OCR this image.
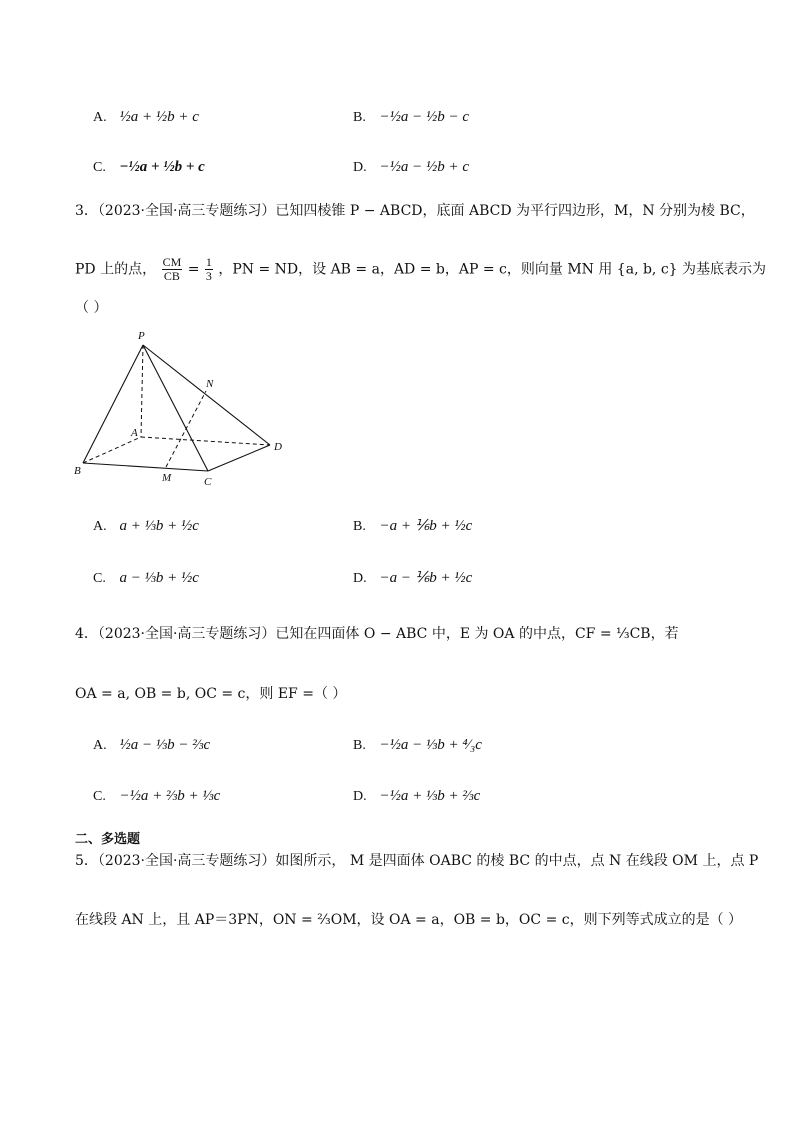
A. ½a + ½b + c	B. −½a − ½b − c
C. −½a + ½b + c	D. −½a − ½b + c
3．（2023·全国·高三专题练习）已知四棱锥 P − ABCD，底面 ABCD 为平行四边形，M，N 分别为棱 BC，
PD 上的点， $\frac{CM}{CB} = \frac{1}{3}$ ，PN = ND，设 AB = a，AD = b，AP = c，则向量 MN 用 {a, b, c} 为基底表示为
（ ）
P
N
A
D
B
M	C
A. a + ⅓b + ½c	B. −a + ⅙b + ½c
C. a − ⅓b + ½c	D. −a − ⅙b + ½c
4．（2023·全国·高三专题练习）已知在四面体 O − ABC 中，E 为 OA 的中点，CF = ⅓CB，若
OA = a, OB = b, OC = c，则 EF =（ ）
A. ½a − ⅓b − ⅔c	B. −½a − ⅓b + ⁴⁄₃c
C. −½a + ⅔b + ⅓c	D. −½a + ⅓b + ⅔c
二、多选题
5．（2023·全国·高三专题练习）如图所示， M 是四面体 OABC 的棱 BC 的中点，点 N 在线段 OM 上，点 P
在线段 AN 上，且 AP＝3PN，ON = ⅔OM，设 OA = a，OB = b，OC = c，则下列等式成立的是（ ）
